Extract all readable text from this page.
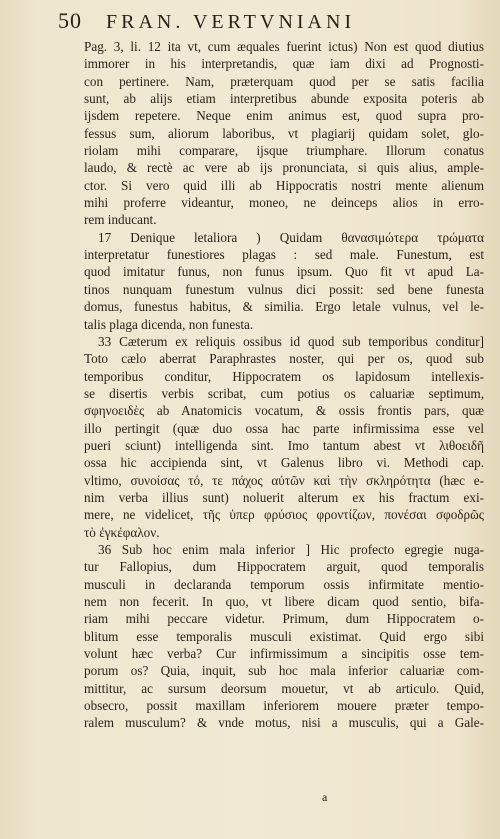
50 FRAN. VERTVNIANI
Pag. 3, li. 12 ita vt, cum æquales fuerint ictus) Non est quod diutius
immorer in his interpretandis, quæ iam dixi ad Prognosti-
con pertinere. Nam, præterquam quod per se satis facilia
sunt, ab alijs etiam interpretibus abunde exposita poteris ab
ijsdem repetere. Neque enim animus est, quod supra pro-
fessus sum, aliorum laboribus, vt plagiarij quidam solet, glo-
riolam mihi comparare, ijsque triumphare. Illorum conatus
laudo, & rectè ac vere ab ijs pronunciata, si quis alius, ample-
ctor. Si vero quid illi ab Hippocratis nostri mente alienum
mihi proferre videantur, moneo, ne deinceps alios in erro-
rem inducant.
17 Denique letaliora ) Quidam θανασιμώτερα τρώματα
interpretatur funestiores plagas : sed male. Funestum, est
quod imitatur funus, non funus ipsum. Quo fit vt apud La-
tinos nunquam funestum vulnus dici possit: sed bene funesta
domus, funestus habitus, & similia. Ergo letale vulnus, vel le-
talis plaga dicenda, non funesta.
33 Cæterum ex reliquis ossibus id quod sub temporibus conditur]
Toto cælo aberrat Paraphrastes noster, qui per os, quod sub
temporibus conditur, Hippocratem os lapidosum intellexis-
se disertis verbis scribat, cum potius os caluariæ septimum,
σφηνοειδὲς ab Anatomicis vocatum, & ossis frontis pars, quæ
illo pertingit (quæ duo ossa hac parte infirmissima esse vel
pueri sciunt) intelligenda sint. Imo tantum abest vt λιθοειδῆ
ossa hic accipienda sint, vt Galenus libro vi. Methodi cap.
vltimo, συνοίσας τό, τε πάχος αὐτῶν καὶ τὴν σκληρότητα (hæc e-
nim verba illius sunt) noluerit alterum ex his fractum exi-
mere, ne videlicet, τῆς ὑπερ φρύσιος φροντίζων, πονέσαι σφοδρῶς
τὸ ἐγκέφαλον.
36 Sub hoc enim mala inferior ] Hic profecto egregie nuga-
tur Fallopius, dum Hippocratem arguit, quod temporalis
musculi in declaranda temporum ossis infirmitate mentio-
nem non fecerit. In quo, vt libere dicam quod sentio, bifa-
riam mihi peccare videtur. Primum, dum Hippocratem o-
blitum esse temporalis musculi existimat. Quid ergo sibi
volunt hæc verba? Cur infirmissimum a sincipitis osse tem-
porum os? Quia, inquit, sub hoc mala inferior caluariæ com-
mittitur, ac sursum deorsum mouetur, vt ab articulo. Quid,
obsecro, possit maxillam inferiorem mouere præter tempo-
ralem musculum? & vnde motus, nisi a musculis, qui a Gale-
a
